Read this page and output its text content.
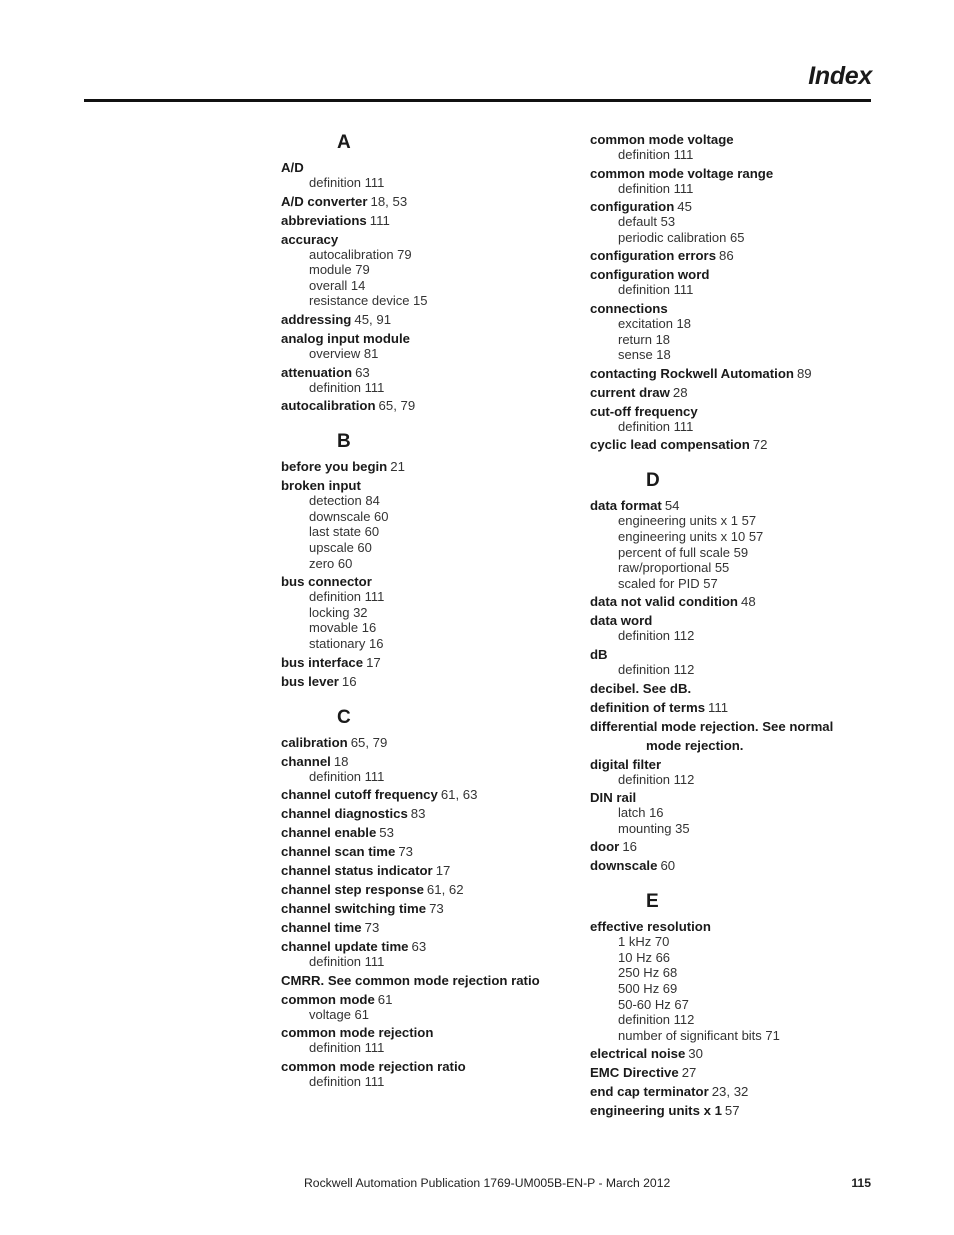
Index
A
A/D
definition 111
A/D converter 18, 53
abbreviations 111
accuracy
autocalibration 79
module 79
overall 14
resistance device 15
addressing 45, 91
analog input module
overview 81
attenuation 63
definition 111
autocalibration 65, 79
B
before you begin 21
broken input
detection 84
downscale 60
last state 60
upscale 60
zero 60
bus connector
definition 111
locking 32
movable 16
stationary 16
bus interface 17
bus lever 16
C
calibration 65, 79
channel 18
definition 111
channel cutoff frequency 61, 63
channel diagnostics 83
channel enable 53
channel scan time 73
channel status indicator 17
channel step response 61, 62
channel switching time 73
channel time 73
channel update time 63
definition 111
CMRR. See common mode rejection ratio
common mode 61
voltage 61
common mode rejection
definition 111
common mode rejection ratio
definition 111
common mode voltage
definition 111
common mode voltage range
definition 111
configuration 45
default 53
periodic calibration 65
configuration errors 86
configuration word
definition 111
connections
excitation 18
return 18
sense 18
contacting Rockwell Automation 89
current draw 28
cut-off frequency
definition 111
cyclic lead compensation 72
D
data format 54
engineering units x 1 57
engineering units x 10 57
percent of full scale 59
raw/proportional 55
scaled for PID 57
data not valid condition 48
data word
definition 112
dB
definition 112
decibel. See dB.
definition of terms 111
differential mode rejection. See normal
mode rejection.
digital filter
definition 112
DIN rail
latch 16
mounting 35
door 16
downscale 60
E
effective resolution
1 kHz 70
10 Hz 66
250 Hz 68
500 Hz 69
50-60 Hz 67
definition 112
number of significant bits 71
electrical noise 30
EMC Directive 27
end cap terminator 23, 32
engineering units x 1 57
Rockwell Automation Publication 1769-UM005B-EN-P - March 2012	115
